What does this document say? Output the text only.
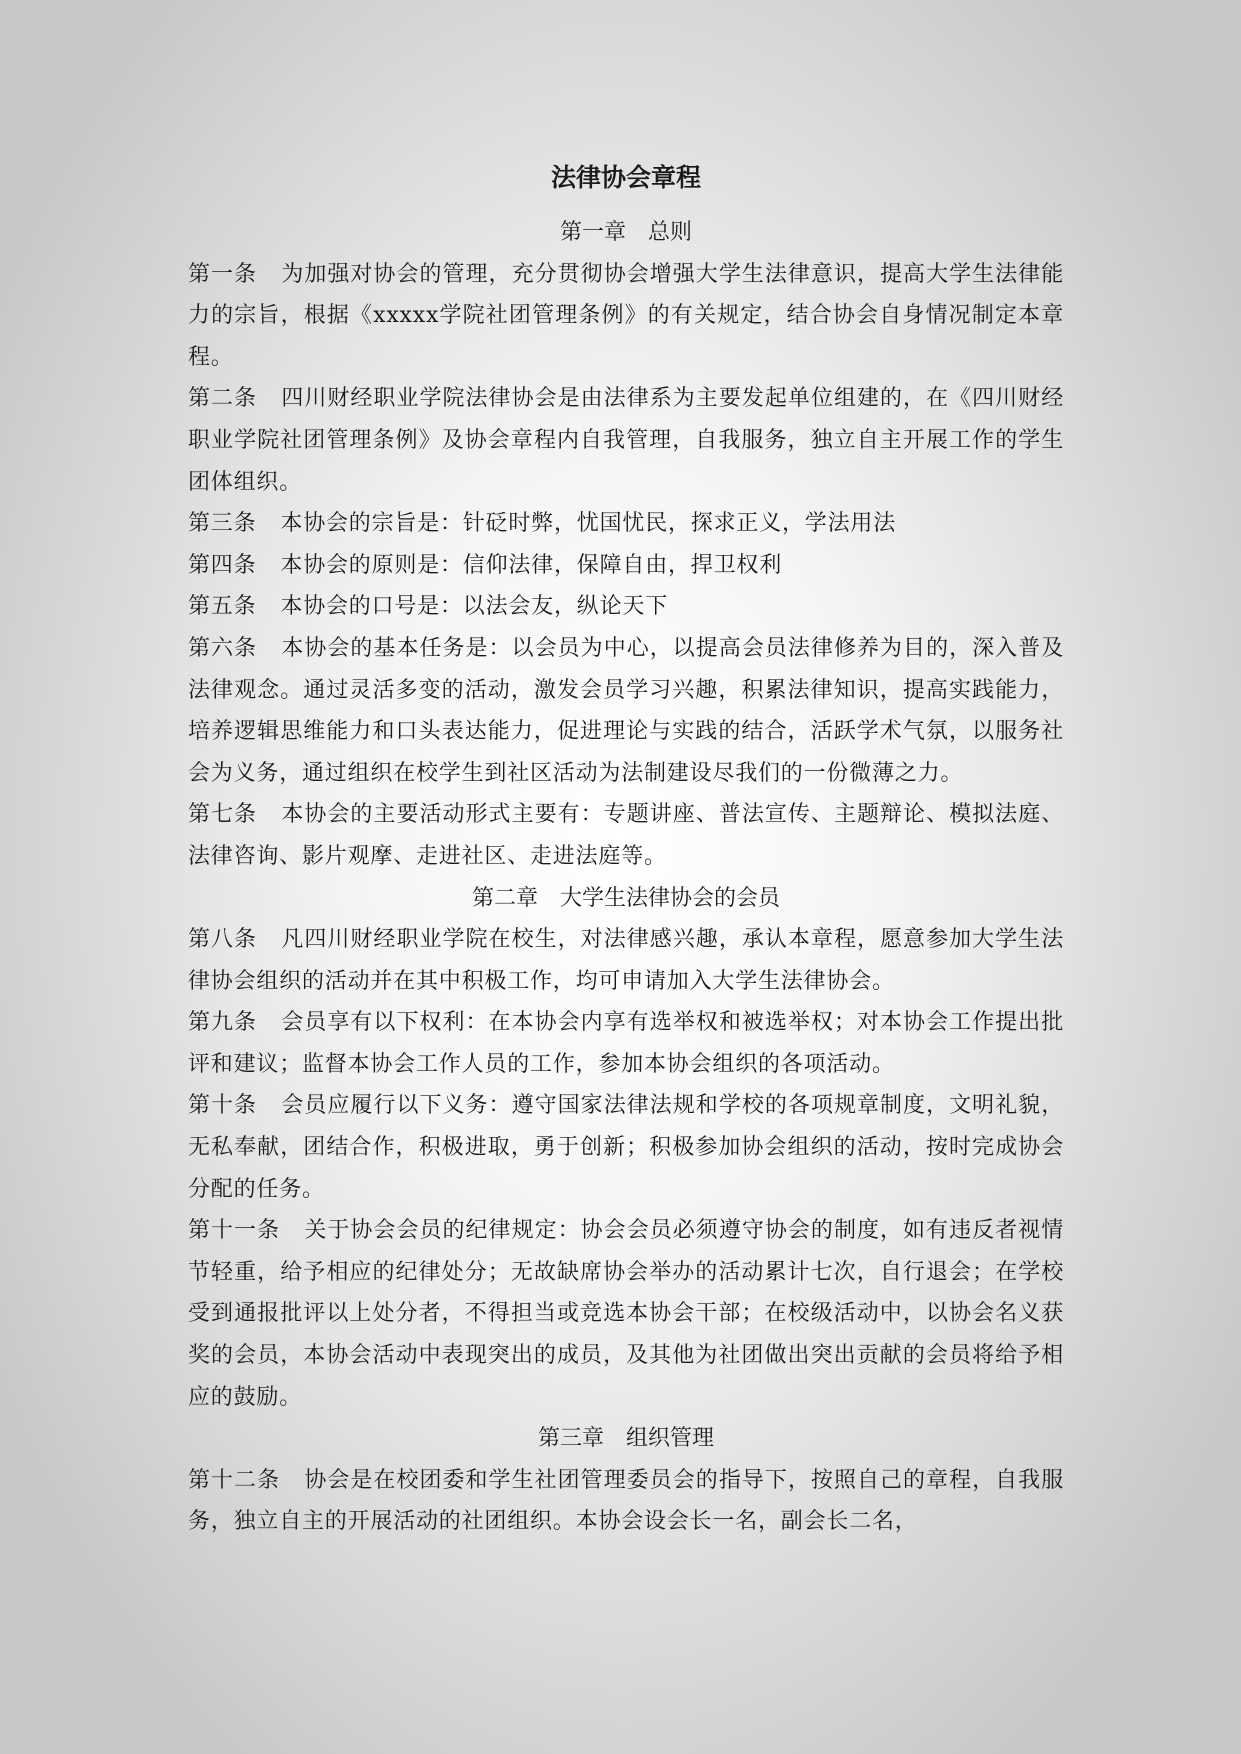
法律协会章程
第一章　总则

第一条 为加强对协会的管理，充分贯彻协会增强大学生法律意识，提高大学生法律能力的宗旨，根据《xxxxx学院社团管理条例》的有关规定，结合协会自身情况制定本章程。

第二条 四川财经职业学院法律协会是由法律系为主要发起单位组建的，在《四川财经职业学院社团管理条例》及协会章程内自我管理，自我服务，独立自主开展工作的学生团体组织。

第三条 本协会的宗旨是：针砭时弊，忧国忧民，探求正义，学法用法

第四条 本协会的原则是：信仰法律，保障自由，捍卫权利

第五条 本协会的口号是：以法会友，纵论天下

第六条 本协会的基本任务是：以会员为中心，以提高会员法律修养为目的，深入普及法律观念。通过灵活多变的活动，激发会员学习兴趣，积累法律知识，提高实践能力，培养逻辑思维能力和口头表达能力，促进理论与实践的结合，活跃学术气氛，以服务社会为义务，通过组织在校学生到社区活动为法制建设尽我们的一份微薄之力。

第七条 本协会的主要活动形式主要有：专题讲座、普法宣传、主题辩论、模拟法庭、法律咨询、影片观摩、走进社区、走进法庭等。

第二章　大学生法律协会的会员

第八条 凡四川财经职业学院在校生，对法律感兴趣，承认本章程，愿意参加大学生法律协会组织的活动并在其中积极工作，均可申请加入大学生法律协会。

第九条 会员享有以下权利：在本协会内享有选举权和被选举权；对本协会工作提出批评和建议；监督本协会工作人员的工作，参加本协会组织的各项活动。

第十条 会员应履行以下义务：遵守国家法律法规和学校的各项规章制度，文明礼貌，无私奉献，团结合作，积极进取，勇于创新；积极参加协会组织的活动，按时完成协会分配的任务。

第十一条 关于协会会员的纪律规定：协会会员必须遵守协会的制度，如有违反者视情节轻重，给予相应的纪律处分；无故缺席协会举办的活动累计七次，自行退会；在学校受到通报批评以上处分者，不得担当或竞选本协会干部；在校级活动中，以协会名义获奖的会员，本协会活动中表现突出的成员，及其他为社团做出突出贡献的会员将给予相应的鼓励。

第三章　组织管理

第十二条 协会是在校团委和学生社团管理委员会的指导下，按照自己的章程，自我服务，独立自主的开展活动的社团组织。本协会设会长一名，副会长二名，
